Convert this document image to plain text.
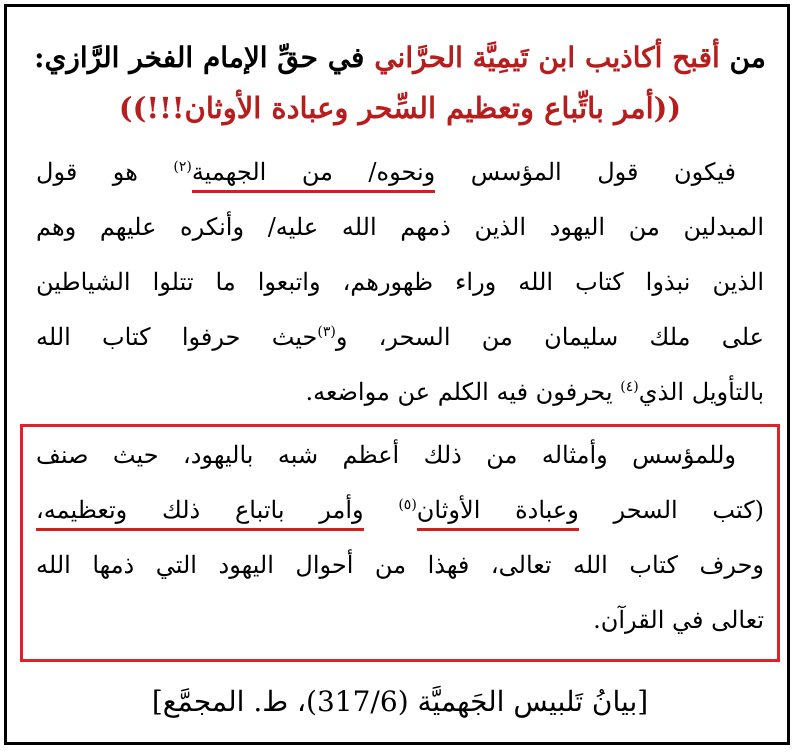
من أقبح أكاذيب ابن تَيمِيَّة الحرَّاني في حقِّ الإمام الفخر الرَّازي:
((أمر باتِّباع وتعظيم السِّحر وعبادة الأوثان!!!))
فيكون قول المؤسس ونحوه/ من الجهمية$^{(٢)}$ هو قول
المبدلين من اليهود الذين ذمهم الله عليه/ وأنكره عليهم وهم
الذين نبذوا كتاب الله وراء ظهورهم، واتبعوا ما تتلوا الشياطين
على ملك سليمان من السحر، و$^{(٣)}$حيث حرفوا كتاب الله
بالتأويل الذي$^{(٤)}$ يحرفون فيه الكلم عن مواضعه.
وللمؤسس وأمثاله من ذلك أعظم شبه باليهود، حيث صنف
(كتب السحر وعبادة الأوثان$^{(٥)}$ وأمر باتباع ذلك وتعظيمه،
وحرف كتاب الله تعالى، فهذا من أحوال اليهود التي ذمها الله
تعالى في القرآن.
[بيانُ تَلبيس الجَهميَّة (317/6)، ط. المجمَّع]
